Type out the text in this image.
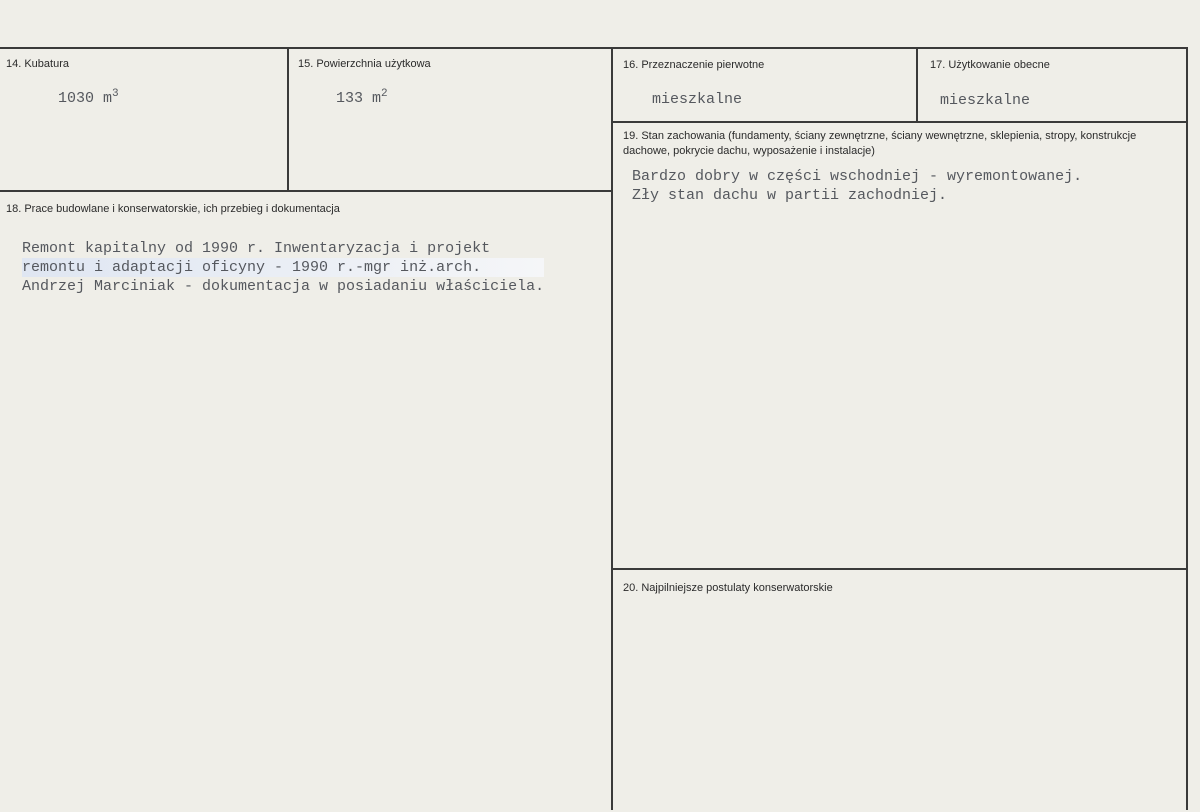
14. Kubatura
1030 $m^3$
15. Powierzchnia użytkowa
133 $m^2$
16. Przeznaczenie pierwotne
mieszkalne
17. Użytkowanie obecne
mieszkalne
18. Prace budowlane i konserwatorskie, ich przebieg i dokumentacja
Remont kapitalny od 1990 r. Inwentaryzacja i projekt
remontu i adaptacji oficyny - 1990 r.-mgr inż.arch.
Andrzej Marciniak - dokumentacja w posiadaniu właściciela.
19. Stan zachowania (fundamenty, ściany zewnętrzne, ściany wewnętrzne, sklepienia, stropy, konstrukcje dachowe, pokrycie dachu, wyposażenie i instalacje)
Bardzo dobry w części wschodniej - wyremontowanej.
Zły stan dachu w partii zachodniej.
20. Najpilniejsze postulaty konserwatorskie
